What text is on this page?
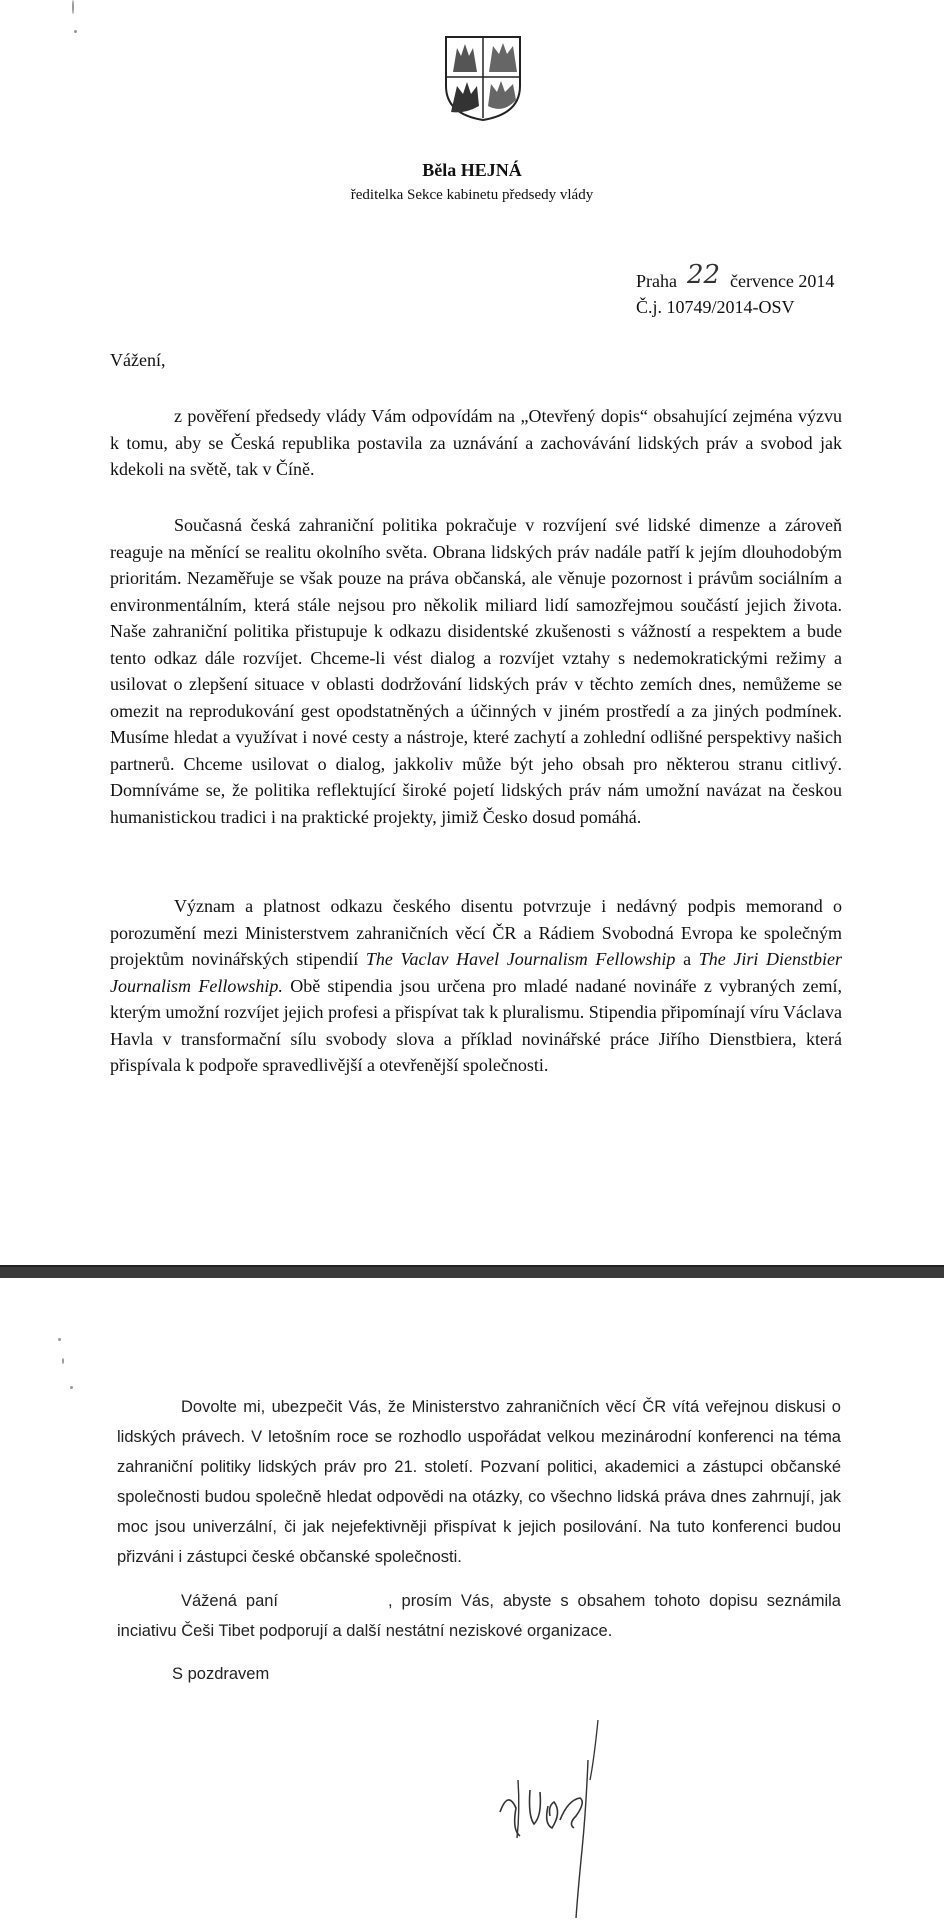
Běla HEJNÁ
ředitelka Sekce kabinetu předsedy vlády
Praha 22 července 2014
Č.j. 10749/2014-OSV
Vážení,

z pověření předsedy vlády Vám odpovídám na „Otevřený dopis“ obsahující zejména výzvu k tomu, aby se Česká republika postavila za uznávání a zachovávání lidských práv a svobod jak kdekoli na světě, tak v Číně.

Současná česká zahraniční politika pokračuje v rozvíjení své lidské dimenze a zároveň reaguje na měnící se realitu okolního světa. Obrana lidských práv nadále patří k jejím dlouhodobým prioritám. Nezaměřuje se však pouze na práva občanská, ale věnuje pozornost i právům sociálním a environmentálním, která stále nejsou pro několik miliard lidí samozřejmou součástí jejich života. Naše zahraniční politika přistupuje k odkazu disidentské zkušenosti s vážností a respektem a bude tento odkaz dále rozvíjet. Chceme-li vést dialog a rozvíjet vztahy s nedemokratickými režimy a usilovat o zlepšení situace v oblasti dodržování lidských práv v těchto zemích dnes, nemůžeme se omezit na reprodukování gest opodstatněných a účinných v jiném prostředí a za jiných podmínek. Musíme hledat a využívat i nové cesty a nástroje, které zachytí a zohlední odlišné perspektivy našich partnerů. Chceme usilovat o dialog, jakkoliv může být jeho obsah pro některou stranu citlivý. Domníváme se, že politika reflektující široké pojetí lidských práv nám umožní navázat na českou humanistickou tradici i na praktické projekty, jimiž Česko dosud pomáhá.

Význam a platnost odkazu českého disentu potvrzuje i nedávný podpis memorand o porozumění mezi Ministerstvem zahraničních věcí ČR a Rádiem Svobodná Evropa ke společným projektům novinářských stipendií The Vaclav Havel Journalism Fellowship a The Jiri Dienstbier Journalism Fellowship. Obě stipendia jsou určena pro mladé nadané novináře z vybraných zemí, kterým umožní rozvíjet jejich profesi a přispívat tak k pluralismu. Stipendia připomínají víru Václava Havla v transformační sílu svobody slova a příklad novinářské práce Jiřího Dienstbiera, která přispívala k podpoře spravedlivější a otevřenější společnosti.

Dovolte mi, ubezpečit Vás, že Ministerstvo zahraničních věcí ČR vítá veřejnou diskusi o lidských právech. V letošním roce se rozhodlo uspořádat velkou mezinárodní konferenci na téma zahraniční politiky lidských práv pro 21. století. Pozvaní politici, akademici a zástupci občanské společnosti budou společně hledat odpovědi na otázky, co všechno lidská práva dnes zahrnují, jak moc jsou univerzální, či jak nejefektivněji přispívat k jejich posilování. Na tuto konferenci budou přizváni i zástupci české občanské společnosti.

Vážená paní	, prosím Vás, abyste s obsahem tohoto dopisu seznámila inciativu Češi Tibet podporují a další nestátní neziskové organizace.

S pozdravem
